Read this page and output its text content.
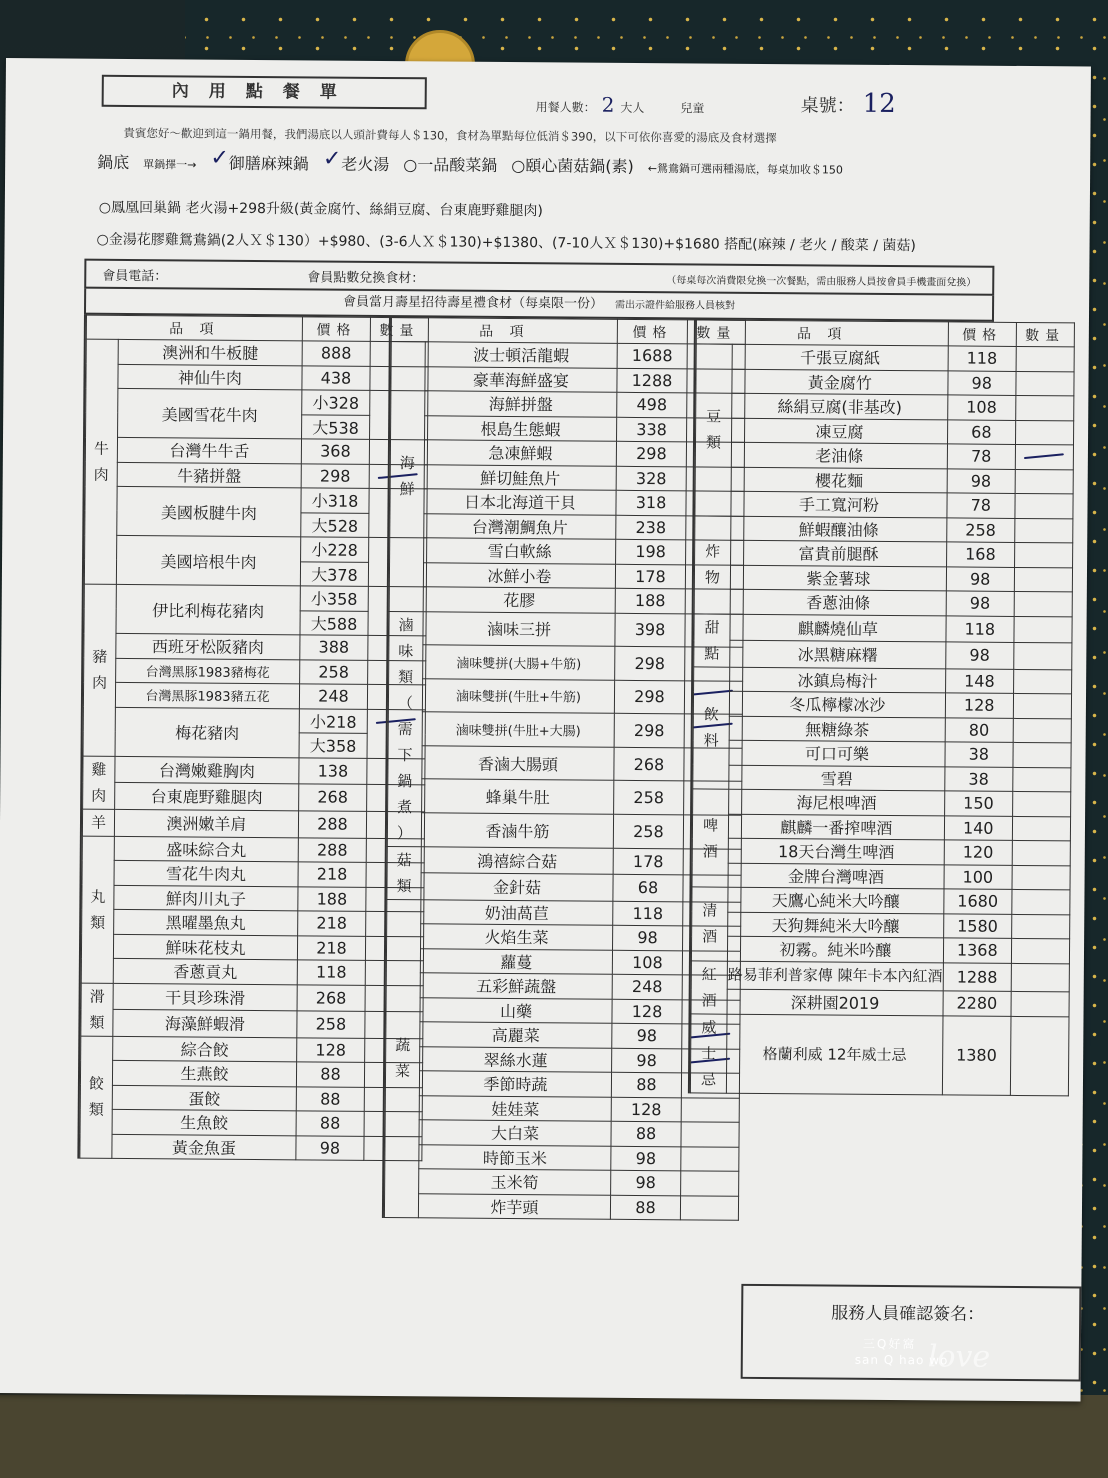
內用點餐單
用餐人數： 2 大人	兒童	桌號： 12
貴賓您好～歡迎到這一鍋用餐，我們湯底以人頭計費每人＄130，食材為單點每位低消＄390，以下可依你喜愛的湯底及食材選擇
鍋底 單鍋擇一→ ✓御膳麻辣鍋 ✓老火湯 ○一品酸菜鍋 ○頤心菌菇鍋(素) ←鴛鴦鍋可選兩種湯底，每桌加收＄150
○鳳凰回巢鍋 老火湯+298升級(黃金腐竹、絲絹豆腐、台東鹿野雞腿肉)
○金湯花膠雞鴛鴦鍋(2人Ｘ＄130）+$980、(3-6人Ｘ＄130)+$1380、(7-10人Ｘ＄130)+$1680 搭配(麻辣 / 老火 / 酸菜 / 菌菇)
會員電話：	會員點數兌換食材：	（每桌每次消費限兌換一次餐點，需由服務人員按會員手機畫面兌換）
會員當月壽星招待壽星禮食材（每桌限一份） 需出示證件給服務人員核對
品 項		價格	數量

牛
肉	澳洲和牛板腱	888	
	神仙牛肉	438	
	美國雪花牛肉	小328	
		大538	
	台灣牛牛舌	368	
	牛豬拼盤	298	

	美國板腱牛肉	小318	
		大528	
	美國培根牛肉	小228	
		大378	

豬
肉	伊比利梅花豬肉	小358	
		大588	
	西班牙松阪豬肉	388	
	台灣黑豚1983豬梅花	258	
	台灣黑豚1983豬五花	248	
	梅花豬肉	小218	

		大358	

雞
肉	台灣嫩雞胸肉	138	
	台東鹿野雞腿肉	268	

羊	澳洲嫩羊肩	288	

丸
類	盛味綜合丸	288	
	雪花牛肉丸	218	
	鮮肉川丸子	188	
	黑曜墨魚丸	218	
	鮮味花枝丸	218	
	香蔥貢丸	118	

滑
類	干貝珍珠滑	268	
	海藻鮮蝦滑	258	

餃
類	綜合餃	128	
	生燕餃	88	
	蛋餃	88	
	生魚餃	88	
	黃金魚蛋	98	
品 項		價格	數量

海
鮮	波士頓活龍蝦	1688	
	豪華海鮮盛宴	1288	
	海鮮拼盤	498	
	根島生態蝦	338	
	急凍鮮蝦	298	
	鮮切鮭魚片	328	
	日本北海道干貝	318	
	台灣潮鯛魚片	238	
	雪白軟絲	198	
	冰鮮小卷	178	
	花膠	188	

滷
味
類
（
需
下
鍋
煮
）
	滷味三拼	398	
	滷味雙拼(大腸+牛筋)	298	
	滷味雙拼(牛肚+牛筋)	298	

	滷味雙拼(牛肚+大腸)	298	

	香滷大腸頭	268	
	蜂巢牛肚	258	
	香滷牛筋	258	

菇
類	鴻禧綜合菇	178	
	金針菇	68	

蔬
菜	奶油萵苣	118	
	火焰生菜	98	
	蘿蔓	108	
	五彩鮮蔬盤	248	
	山藥	128	
	高麗菜	98	

	翠絲水蓮	98	

	季節時蔬	88	
	娃娃菜	128	
	大白菜	88	
	時節玉米	98	
	玉米筍	98	
	炸芋頭	88	
品 項		價格	數量

豆
類	千張豆腐紙	118	
	黃金腐竹	98	
	絲絹豆腐(非基改)	108	
	凍豆腐	68	
	老油條	78	

	櫻花麵	98	
	手工寬河粉	78	

炸
物	鮮蝦釀油條	258	
	富貴前腿酥	168	
	紫金薯球	98	
	香蔥油條	98	

甜
點	麒麟燒仙草	118	
	冰黑糖麻糬	98	

飲
料	冰鎮烏梅汁	148	
	冬瓜檸檬冰沙	128	
	無糖綠茶	80	
	可口可樂	38	
	雪碧	38	

啤
酒	海尼根啤酒	150	
	麒麟一番搾啤酒	140	
	18天台灣生啤酒	120	
	金牌台灣啤酒	100	

清
酒	天鷹心純米大吟釀	1680	
	天狗舞純米大吟釀	1580	
	初霧。純米吟釀	1368	

紅
酒	路易菲利普家傳 陳年卡本內紅酒	1288	

	深耕園2019	2280	

威
士
忌	格蘭利威 12年威士忌	1380	

服務人員確認簽名：
三Q好窩
san Q hao wo
love
